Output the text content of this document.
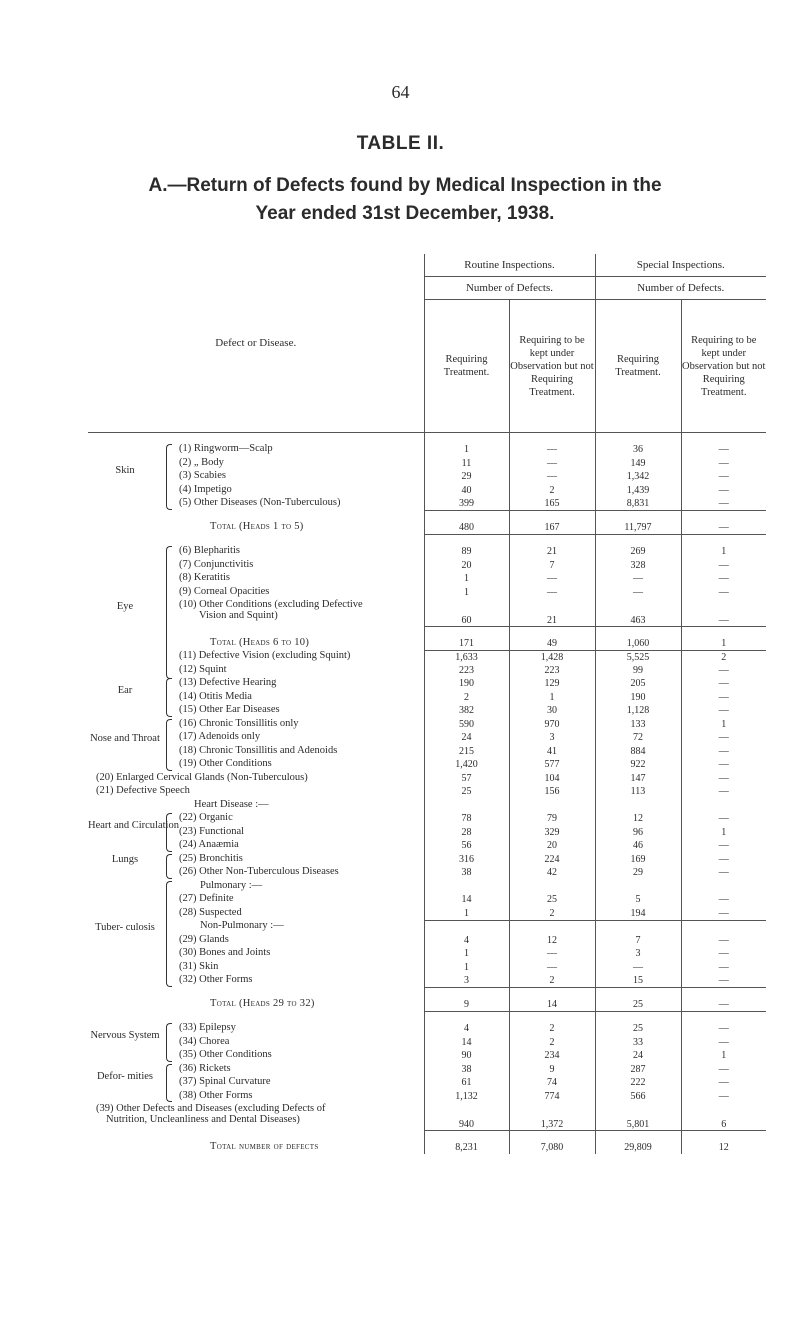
64
TABLE II.
A.—Return of Defects found by Medical Inspection in the
Year ended 31st December, 1938.
Defect or Disease.	Routine Inspections.		Special Inspections.	
	Number of Defects.		Number of Defects.	
	Requiring Treatment.	Requiring to be kept under Observation but not Requiring Treatment.	Requiring Treatment.	Requiring to be kept under Observation but not Requiring Treatment.

Skin
(1) Ringworm—Scalp	1	—	36	—

(2) „ Body	11	—	149	—

(3) Scabies	29	—	1,342	—

(4) Impetigo	40	2	1,439	—

(5) Other Diseases (Non-Tuberculous)	399	165	8,831	—

Total (Heads 1 to 5)	480	167	11,797	—

Eye
(6) Blepharitis	89	21	269	1

(7) Conjunctivitis	20	7	328	—

(8) Keratitis	1	—	—	—

(9) Corneal Opacities	1	—	—	—

(10) Other Conditions (excluding Defective
Vision and Squint)	60	21	463	—

Total (Heads 6 to 10)	171	49	1,060	1

(11) Defective Vision (excluding Squint)	1,633	1,428	5,525	2

(12) Squint	223	223	99	—

Ear
(13) Defective Hearing	190	129	205	—

(14) Otitis Media	2	1	190	—

(15) Other Ear Diseases	382	30	1,128	—

Nose and Throat
(16) Chronic Tonsillitis only	590	970	133	1

(17) Adenoids only	24	3	72	—

(18) Chronic Tonsillitis and Adenoids	215	41	884	—

(19) Other Conditions	1,420	577	922	—

(20) Enlarged Cervical Glands (Non-Tuberculous)	57	104	147	—

(21) Defective Speech	25	156	113	—

Heart Disease :—				

Heart and Circulation
(22) Organic	78	79	12	—

(23) Functional	28	329	96	1

(24) Anaæmia	56	20	46	—

Lungs (25) Bronchitis	316	224	169	—

(26) Other Non-Tuberculous Diseases	38	42	29	—

Tuber- culosis
Pulmonary :—				

(27) Definite	14	25	5	—

(28) Suspected	1	2	194	—

Non-Pulmonary :—				

(29) Glands	4	12	7	—

(30) Bones and Joints	1	—	3	—

(31) Skin	1	—	—	—

(32) Other Forms	3	2	15	—

Total (Heads 29 to 32)	9	14	25	—

Nervous System
(33) Epilepsy	4	2	25	—

(34) Chorea	14	2	33	—

(35) Other Conditions	90	234	24	1

Defor- mities
(36) Rickets	38	9	287	—

(37) Spinal Curvature	61	74	222	—

(38) Other Forms	1,132	774	566	—

(39) Other Defects and Diseases (excluding Defects of
Nutrition, Uncleanliness and Dental Diseases)	940	1,372	5,801	6

Total number of defects	8,231	7,080	29,809	12
